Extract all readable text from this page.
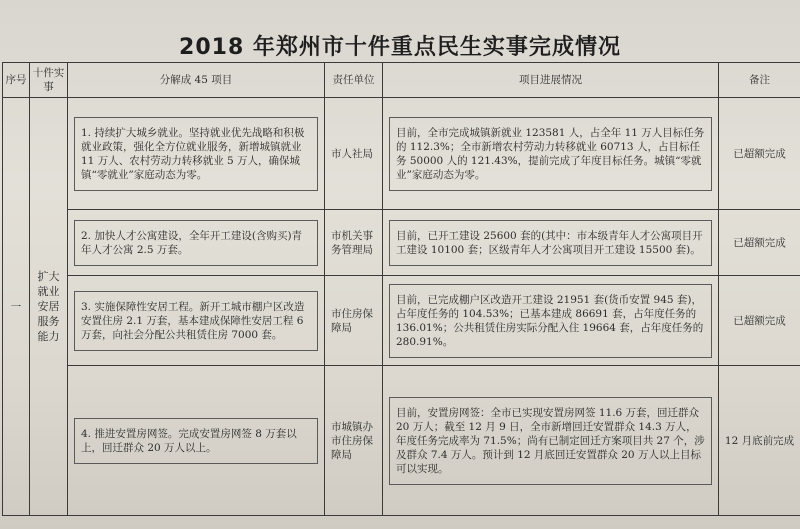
2018 年郑州市十件重点民生实事完成情况
序号	十件实事	分解成 45 项目	责任单位	项目进展情况	备注
一	扩大就业安居服务能力	1. 持续扩大城乡就业。坚持就业优先战略和积极就业政策，强化全方位就业服务，新增城镇就业 11 万人、农村劳动力转移就业 5 万人，确保城镇“零就业”家庭动态为零。	市人社局	目前，全市完成城镇新就业 123581 人，占全年 11 万人目标任务的 112.3%；全市新增农村劳动力转移就业 60713 人，占目标任务 50000 人的 121.43%，提前完成了年度目标任务。城镇“零就业”家庭动态为零。	已超额完成

		2. 加快人才公寓建设，全年开工建设(含购买)青年人才公寓 2.5 万套。	市机关事务管理局	目前，已开工建设 25600 套的(其中：市本级青年人才公寓项目开工建设 10100 套；区级青年人才公寓项目开工建设 15500 套)。	已超额完成

		3. 实施保障性安居工程。新开工城市棚户区改造安置住房 2.1 万套，基本建成保障性安居工程 6 万套，向社会分配公共租赁住房 7000 套。	市住房保障局	目前，已完成棚户区改造开工建设 21951 套(货币安置 945 套)，占年度任务的 104.53%；已基本建成 86691 套，占年度任务的 136.01%；公共租赁住房实际分配入住 19664 套，占年度任务的 280.91%。	已超额完成

		4. 推进安置房网签。完成安置房网签 8 万套以上，回迁群众 20 万人以上。	市城镇办市住房保障局	目前，安置房网签：全市已实现安置房网签 11.6 万套，回迁群众 20 万人；截至 12 月 9 日，全市新增回迁安置群众 14.3 万人，年度任务完成率为 71.5%；尚有已制定回迁方案项目共 27 个，涉及群众 7.4 万人。预计到 12 月底回迁安置群众 20 万人以上目标可以实现。	12 月底前完成
